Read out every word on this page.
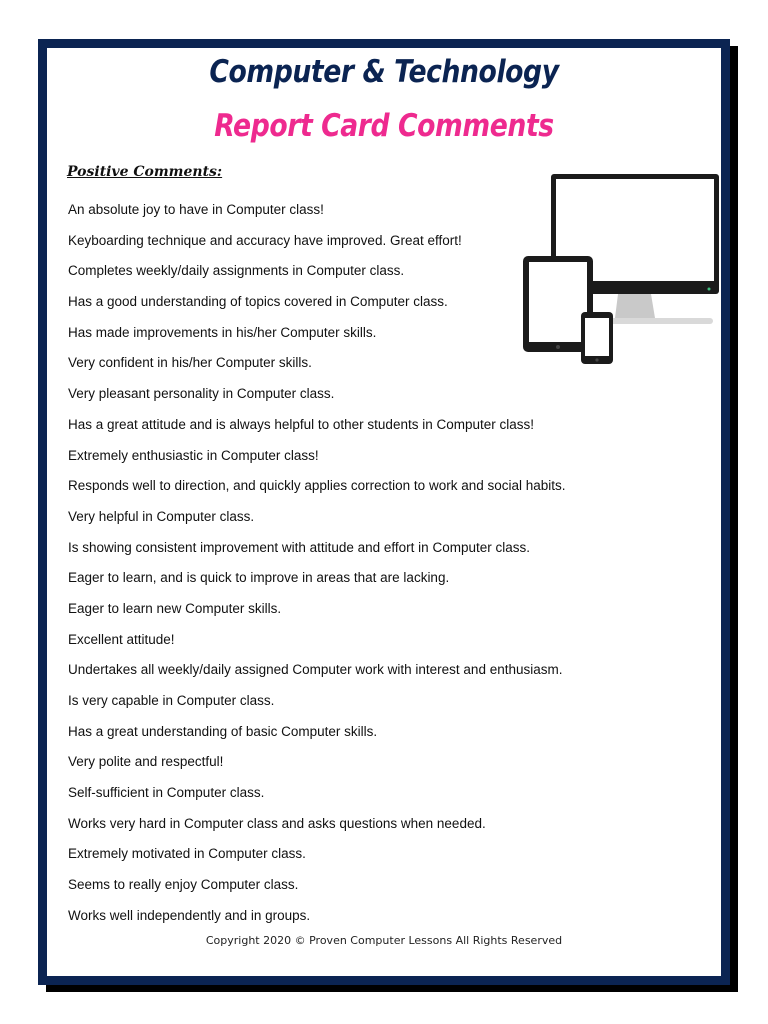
Computer & Technology
Report Card Comments
Positive Comments:
An absolute joy to have in Computer class!
Keyboarding technique and accuracy have improved. Great effort!
Completes weekly/daily assignments in Computer class.
Has a good understanding of topics covered in Computer class.
Has made improvements in his/her Computer skills.
Very confident in his/her Computer skills.
Very pleasant personality in Computer class.
Has a great attitude and is always helpful to other students in Computer class!
Extremely enthusiastic in Computer class!
Responds well to direction, and quickly applies correction to work and social habits.
Very helpful in Computer class.
Is showing consistent improvement with attitude and effort in Computer class.
Eager to learn, and is quick to improve in areas that are lacking.
Eager to learn new Computer skills.
Excellent attitude!
Undertakes all weekly/daily assigned Computer work with interest and enthusiasm.
Is very capable in Computer class.
Has a great understanding of basic Computer skills.
Very polite and respectful!
Self-sufficient in Computer class.
Works very hard in Computer class and asks questions when needed.
Extremely motivated in Computer class.
Seems to really enjoy Computer class.
Works well independently and in groups.
Copyright 2020 © Proven Computer Lessons All Rights Reserved
